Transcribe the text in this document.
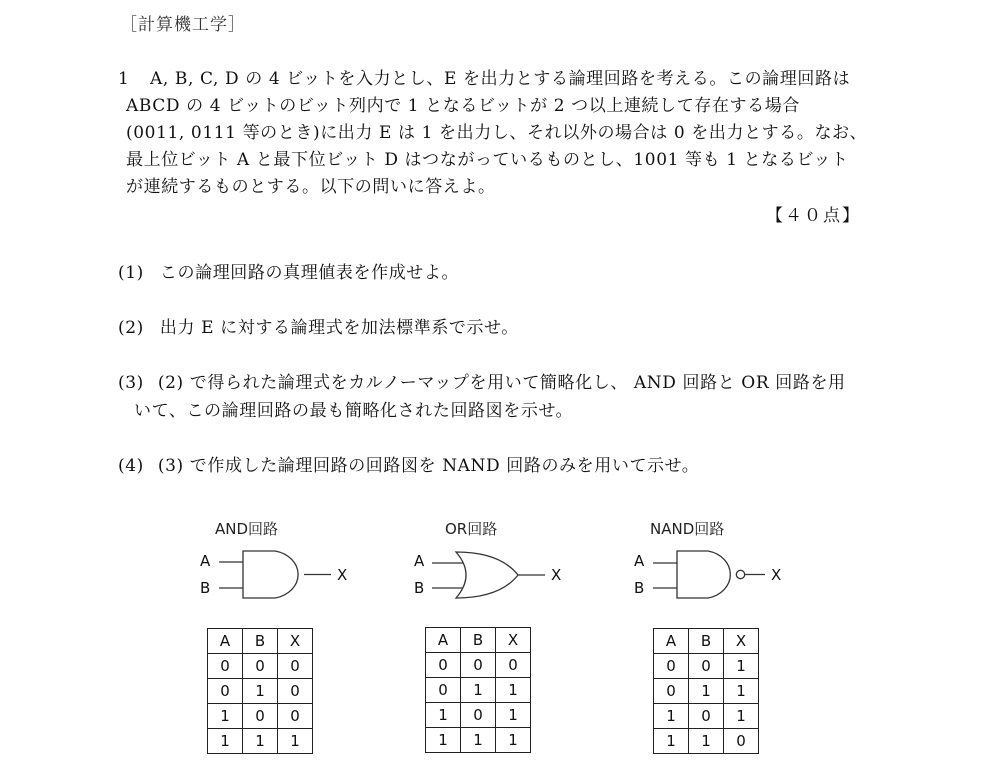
［計算機工学］
1	A, B, C, D の 4 ビットを入力とし、E を出力とする論理回路を考える。この論理回路は
ABCD の 4 ビットのビット列内で 1 となるビットが 2 つ以上連続して存在する場合
(0011, 0111 等のとき)に出力 E は 1 を出力し、それ以外の場合は 0 を出力とする。なお、
最上位ビット A と最下位ビット D はつながっているものとし、1001 等も 1 となるビット
が連続するものとする。以下の問いに答えよ。
【４０点】
(1) この論理回路の真理値表を作成せよ。
(2) 出力 E に対する論理式を加法標準系で示せ。
(3) (2) で得られた論理式をカルノーマップを用いて簡略化し、 AND 回路と OR 回路を用
いて、この論理回路の最も簡略化された回路図を示せ。
(4) (3) で作成した論理回路の回路図を NAND 回路のみを用いて示せ。
AND回路	OR回路	NAND回路
A
B
X
A
B
X
A
B
X
A	B	X
0	0	0
0	1	0
1	0	0
1	1	1
A	B	X
0	0	0
0	1	1
1	0	1
1	1	1
A	B	X
0	0	1
0	1	1
1	0	1
1	1	0
